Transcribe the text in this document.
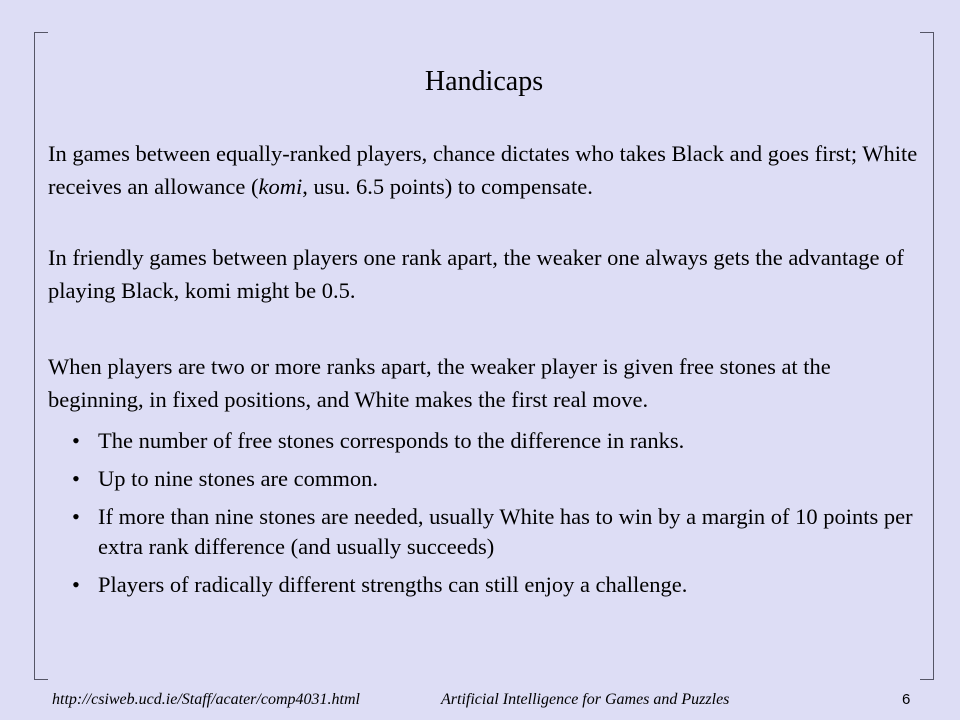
Handicaps

In games between equally-ranked players, chance dictates who takes Black and goes first; White receives an allowance (komi, usu. 6.5 points) to compensate.

In friendly games between players one rank apart, the weaker one always gets the advantage of playing Black, komi might be 0.5.

When players are two or more ranks apart, the weaker player is given free stones at the beginning, in fixed positions, and White makes the first real move.

• The number of free stones corresponds to the difference in ranks.
• Up to nine stones are common.
• If more than nine stones are needed, usually White has to win by a margin of 10 points per extra rank difference (and usually succeeds)
• Players of radically different strengths can still enjoy a challenge.
http://csiweb.ucd.ie/Staff/acater/comp4031.html	Artificial Intelligence for Games and Puzzles	6
